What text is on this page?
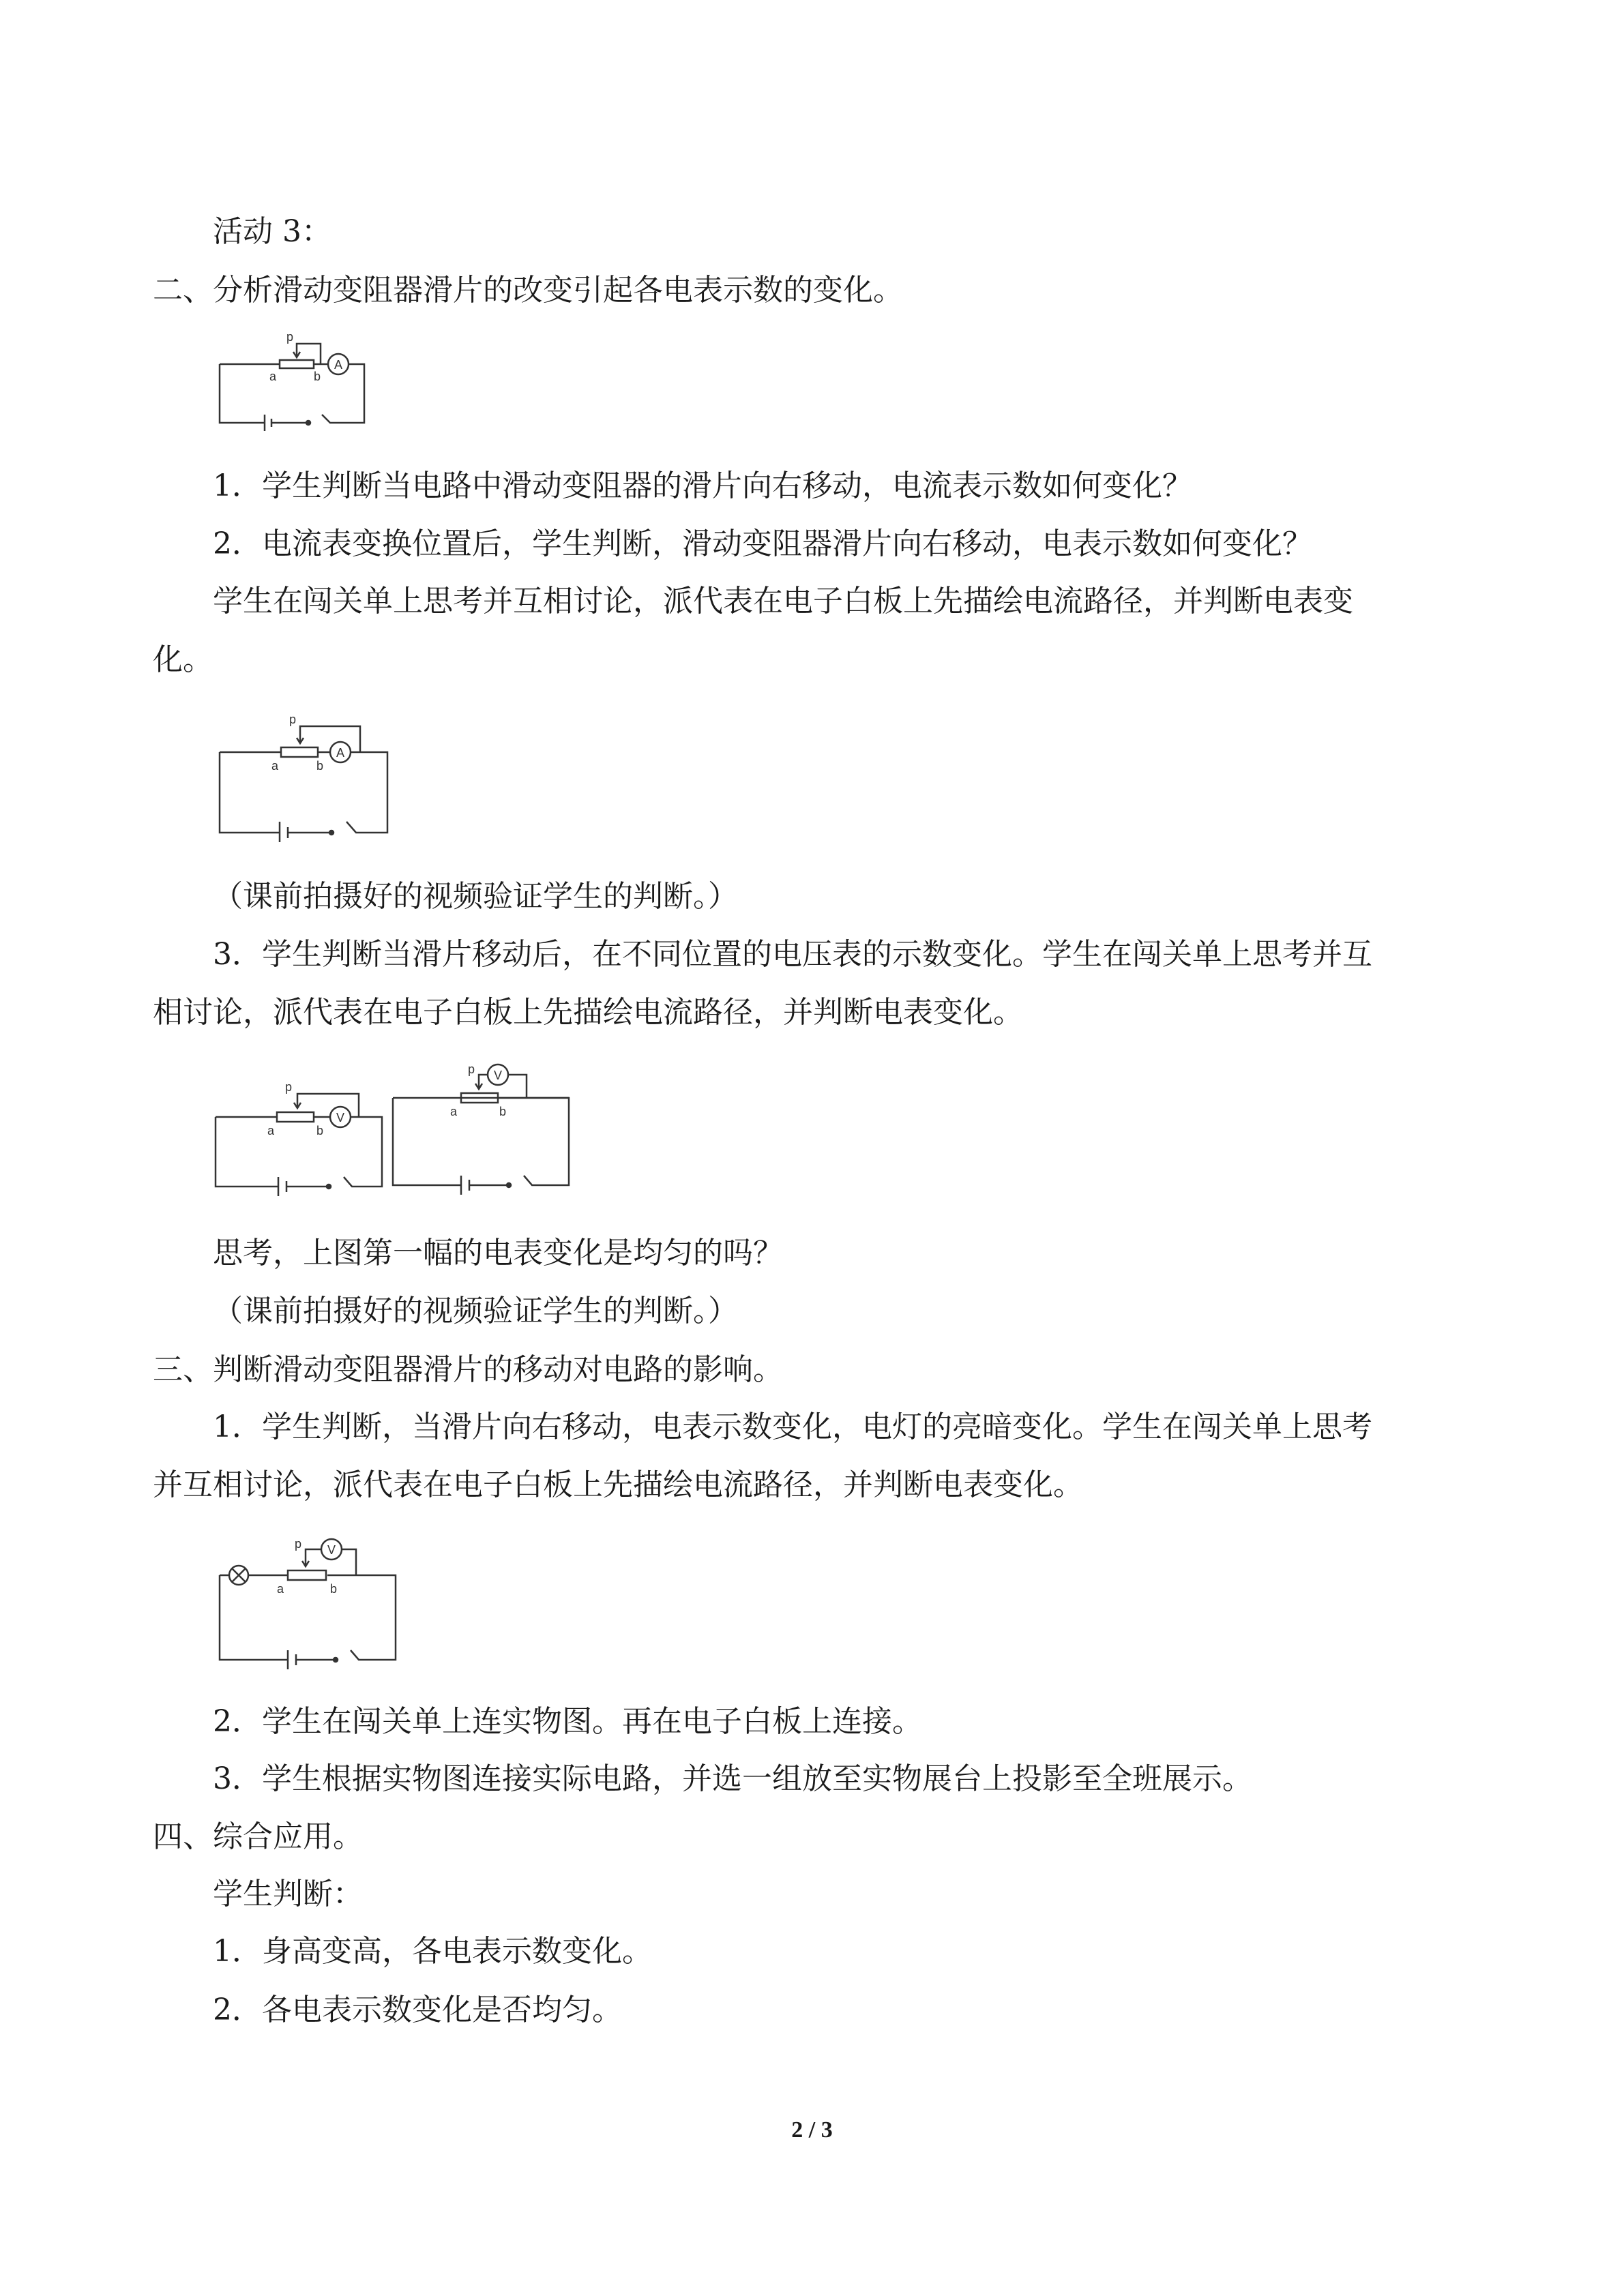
活动 3：
二、分析滑动变阻器滑片的改变引起各电表示数的变化。
p
a	b
A
1．学生判断当电路中滑动变阻器的滑片向右移动，电流表示数如何变化？
2．电流表变换位置后，学生判断，滑动变阻器滑片向右移动，电表示数如何变化？
学生在闯关单上思考并互相讨论，派代表在电子白板上先描绘电流路径，并判断电表变
化。
p
a	b
A
（课前拍摄好的视频验证学生的判断。）
3．学生判断当滑片移动后，在不同位置的电压表的示数变化。学生在闯关单上思考并互
相讨论，派代表在电子白板上先描绘电流路径，并判断电表变化。
p
a	b
V
p
a	b
V
思考，上图第一幅的电表变化是均匀的吗？
（课前拍摄好的视频验证学生的判断。）
三、判断滑动变阻器滑片的移动对电路的影响。
1．学生判断，当滑片向右移动，电表示数变化，电灯的亮暗变化。学生在闯关单上思考
并互相讨论，派代表在电子白板上先描绘电流路径，并判断电表变化。
p
a	b
V
2．学生在闯关单上连实物图。再在电子白板上连接。
3．学生根据实物图连接实际电路，并选一组放至实物展台上投影至全班展示。
四、综合应用。
学生判断：
1．身高变高，各电表示数变化。
2．各电表示数变化是否均匀。
2 / 3
